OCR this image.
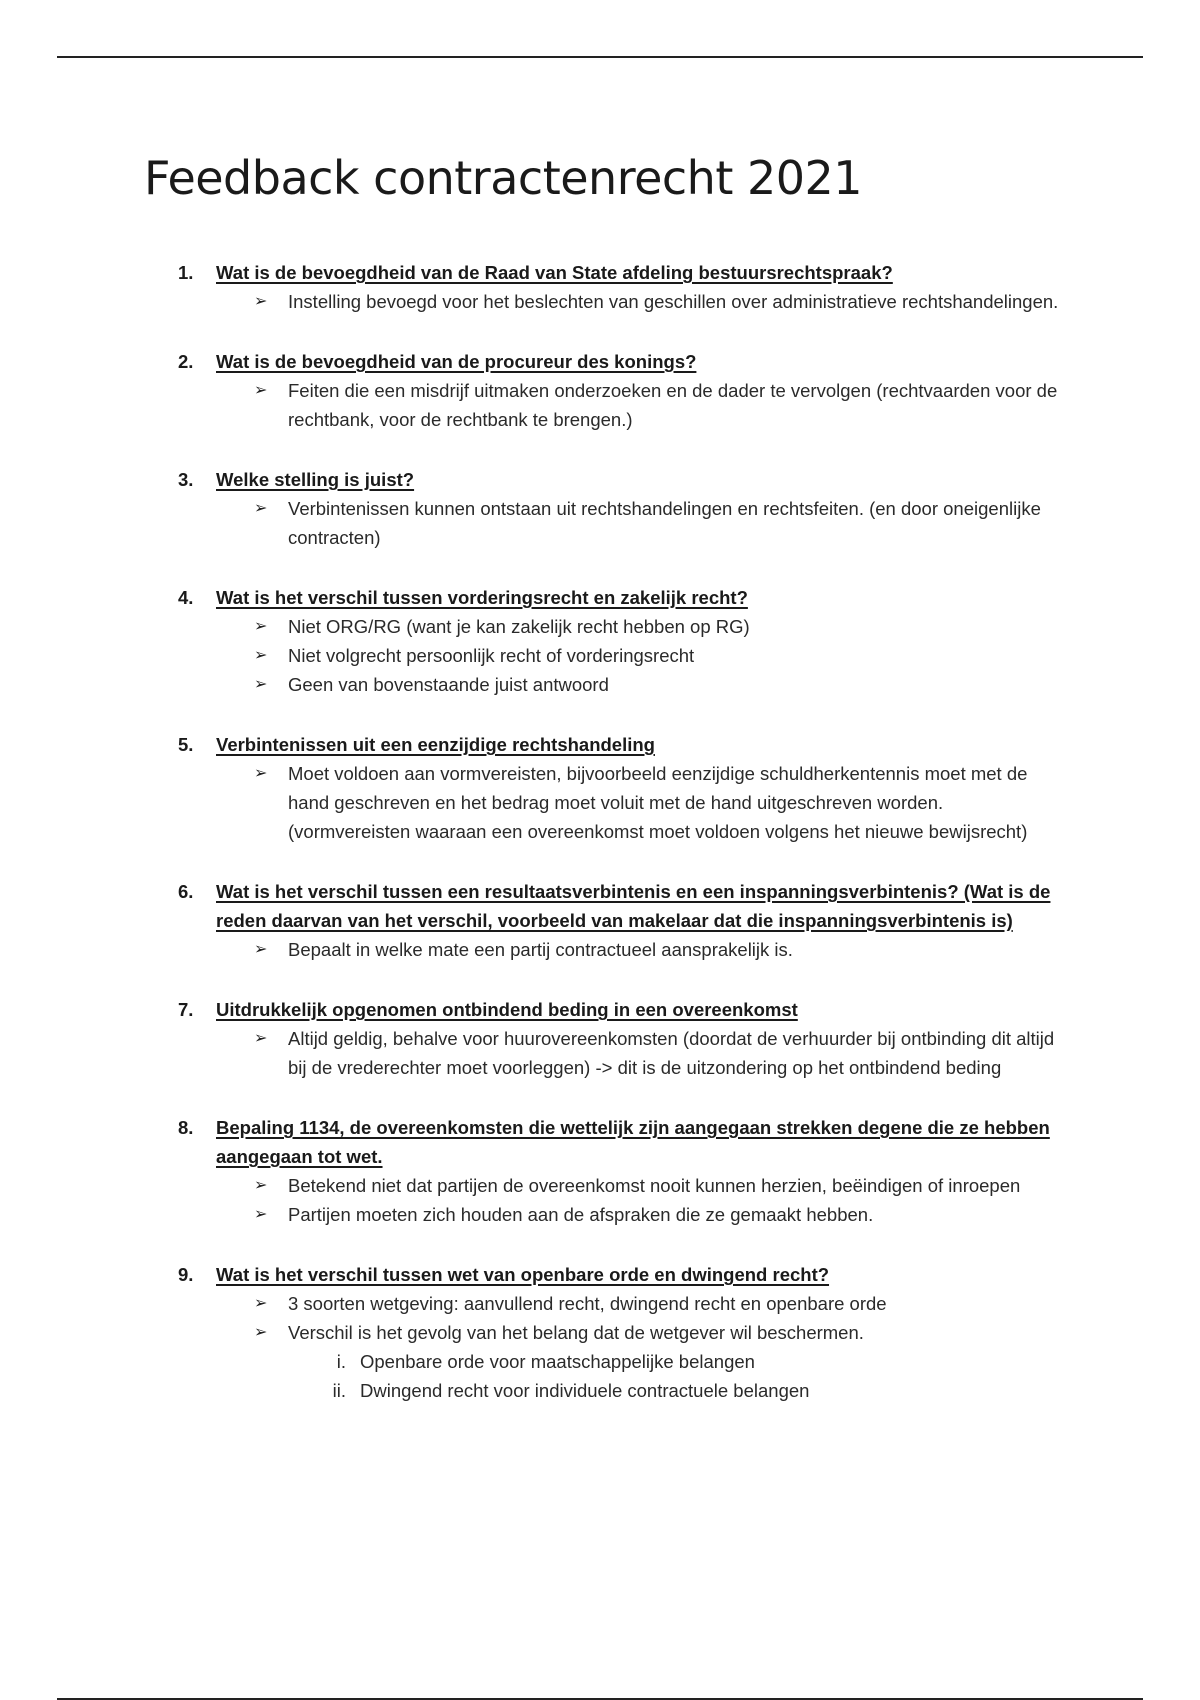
Feedback contractenrecht 2021
1. Wat is de bevoegdheid van de Raad van State afdeling bestuursrechtspraak?
➢ Instelling bevoegd voor het beslechten van geschillen over administratieve rechtshandelingen.
2. Wat is de bevoegdheid van de procureur des konings?
➢ Feiten die een misdrijf uitmaken onderzoeken en de dader te vervolgen (rechtvaarden voor de rechtbank, voor de rechtbank te brengen.)
3. Welke stelling is juist?
➢ Verbintenissen kunnen ontstaan uit rechtshandelingen en rechtsfeiten. (en door oneigenlijke contracten)
4. Wat is het verschil tussen vorderingsrecht en zakelijk recht?
➢ Niet ORG/RG (want je kan zakelijk recht hebben op RG)
➢ Niet volgrecht persoonlijk recht of vorderingsrecht
➢ Geen van bovenstaande juist antwoord
5. Verbintenissen uit een eenzijdige rechtshandeling
➢ Moet voldoen aan vormvereisten, bijvoorbeeld eenzijdige schuldherkentennis moet met de hand geschreven en het bedrag moet voluit met de hand uitgeschreven worden. (vormvereisten waaraan een overeenkomst moet voldoen volgens het nieuwe bewijsrecht)
6. Wat is het verschil tussen een resultaatsverbintenis en een inspanningsverbintenis? (Wat is de reden daarvan van het verschil, voorbeeld van makelaar dat die inspanningsverbintenis is)
➢ Bepaalt in welke mate een partij contractueel aansprakelijk is.
7. Uitdrukkelijk opgenomen ontbindend beding in een overeenkomst
➢ Altijd geldig, behalve voor huurovereenkomsten (doordat de verhuurder bij ontbinding dit altijd bij de vrederechter moet voorleggen) -> dit is de uitzondering op het ontbindend beding
8. Bepaling 1134, de overeenkomsten die wettelijk zijn aangegaan strekken degene die ze hebben aangegaan tot wet.
➢ Betekend niet dat partijen de overeenkomst nooit kunnen herzien, beëindigen of inroepen
➢ Partijen moeten zich houden aan de afspraken die ze gemaakt hebben.
9. Wat is het verschil tussen wet van openbare orde en dwingend recht?
➢ 3 soorten wetgeving: aanvullend recht, dwingend recht en openbare orde
➢ Verschil is het gevolg van het belang dat de wetgever wil beschermen.
i. Openbare orde voor maatschappelijke belangen
ii. Dwingend recht voor individuele contractuele belangen
